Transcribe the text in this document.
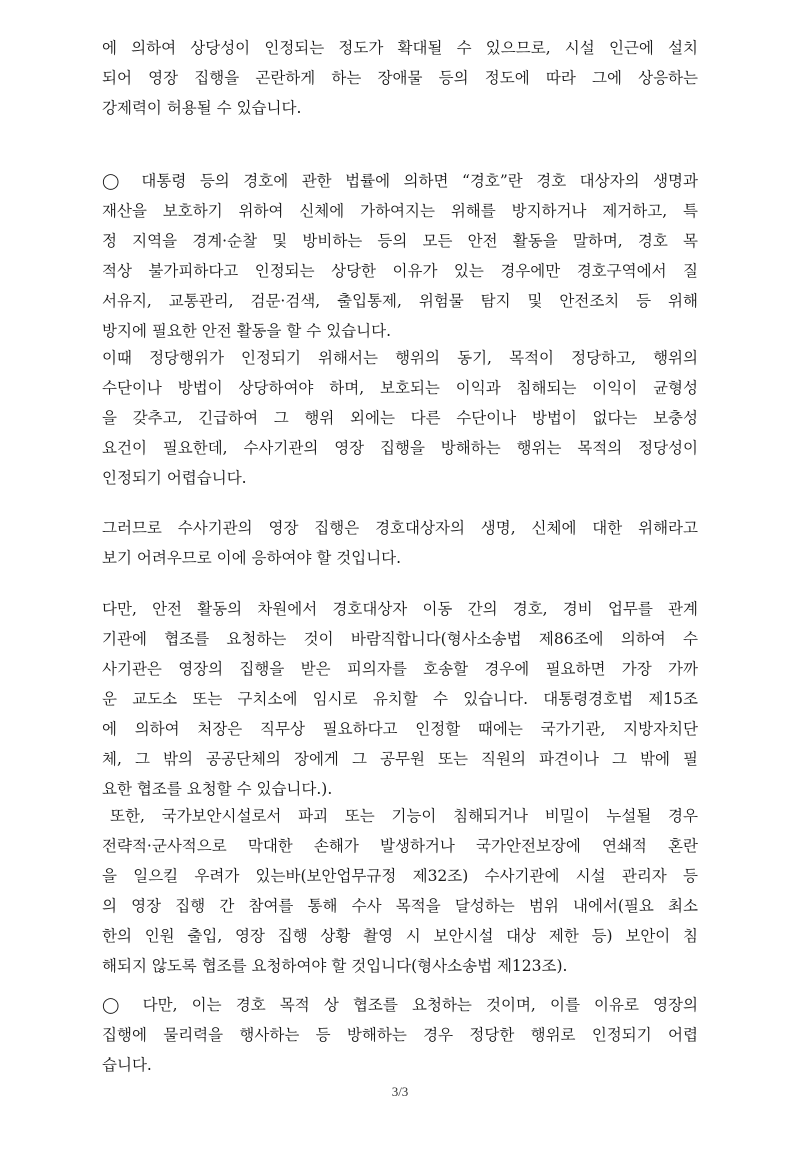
에 의하여 상당성이 인정되는 정도가 확대될 수 있으므로, 시설 인근에 설치
되어 영장 집행을 곤란하게 하는 장애물 등의 정도에 따라 그에 상응하는
강제력이 허용될 수 있습니다.
◯ 대통령 등의 경호에 관한 법률에 의하면 “경호”란 경호 대상자의 생명과
재산을 보호하기 위하여 신체에 가하여지는 위해를 방지하거나 제거하고, 특
정 지역을 경계·순찰 및 방비하는 등의 모든 안전 활동을 말하며, 경호 목
적상 불가피하다고 인정되는 상당한 이유가 있는 경우에만 경호구역에서 질
서유지, 교통관리, 검문·검색, 출입통제, 위험물 탐지 및 안전조치 등 위해
방지에 필요한 안전 활동을 할 수 있습니다.
이때 정당행위가 인정되기 위해서는 행위의 동기, 목적이 정당하고, 행위의
수단이나 방법이 상당하여야 하며, 보호되는 이익과 침해되는 이익이 균형성
을 갖추고, 긴급하여 그 행위 외에는 다른 수단이나 방법이 없다는 보충성
요건이 필요한데, 수사기관의 영장 집행을 방해하는 행위는 목적의 정당성이
인정되기 어렵습니다.
그러므로 수사기관의 영장 집행은 경호대상자의 생명, 신체에 대한 위해라고
보기 어려우므로 이에 응하여야 할 것입니다.
다만, 안전 활동의 차원에서 경호대상자 이동 간의 경호, 경비 업무를 관계
기관에 협조를 요청하는 것이 바람직합니다(형사소송법 제86조에 의하여 수
사기관은 영장의 집행을 받은 피의자를 호송할 경우에 필요하면 가장 가까
운 교도소 또는 구치소에 임시로 유치할 수 있습니다. 대통령경호법 제15조
에 의하여 처장은 직무상 필요하다고 인정할 때에는 국가기관, 지방자치단
체, 그 밖의 공공단체의 장에게 그 공무원 또는 직원의 파견이나 그 밖에 필
요한 협조를 요청할 수 있습니다.).
또한, 국가보안시설로서 파괴 또는 기능이 침해되거나 비밀이 누설될 경우
전략적·군사적으로 막대한 손해가 발생하거나 국가안전보장에 연쇄적 혼란
을 일으킬 우려가 있는바(보안업무규정 제32조) 수사기관에 시설 관리자 등
의 영장 집행 간 참여를 통해 수사 목적을 달성하는 범위 내에서(필요 최소
한의 인원 출입, 영장 집행 상황 촬영 시 보안시설 대상 제한 등) 보안이 침
해되지 않도록 협조를 요청하여야 할 것입니다(형사소송법 제123조).
◯ 다만, 이는 경호 목적 상 협조를 요청하는 것이며, 이를 이유로 영장의
집행에 물리력을 행사하는 등 방해하는 경우 정당한 행위로 인정되기 어렵
습니다.
3/3
